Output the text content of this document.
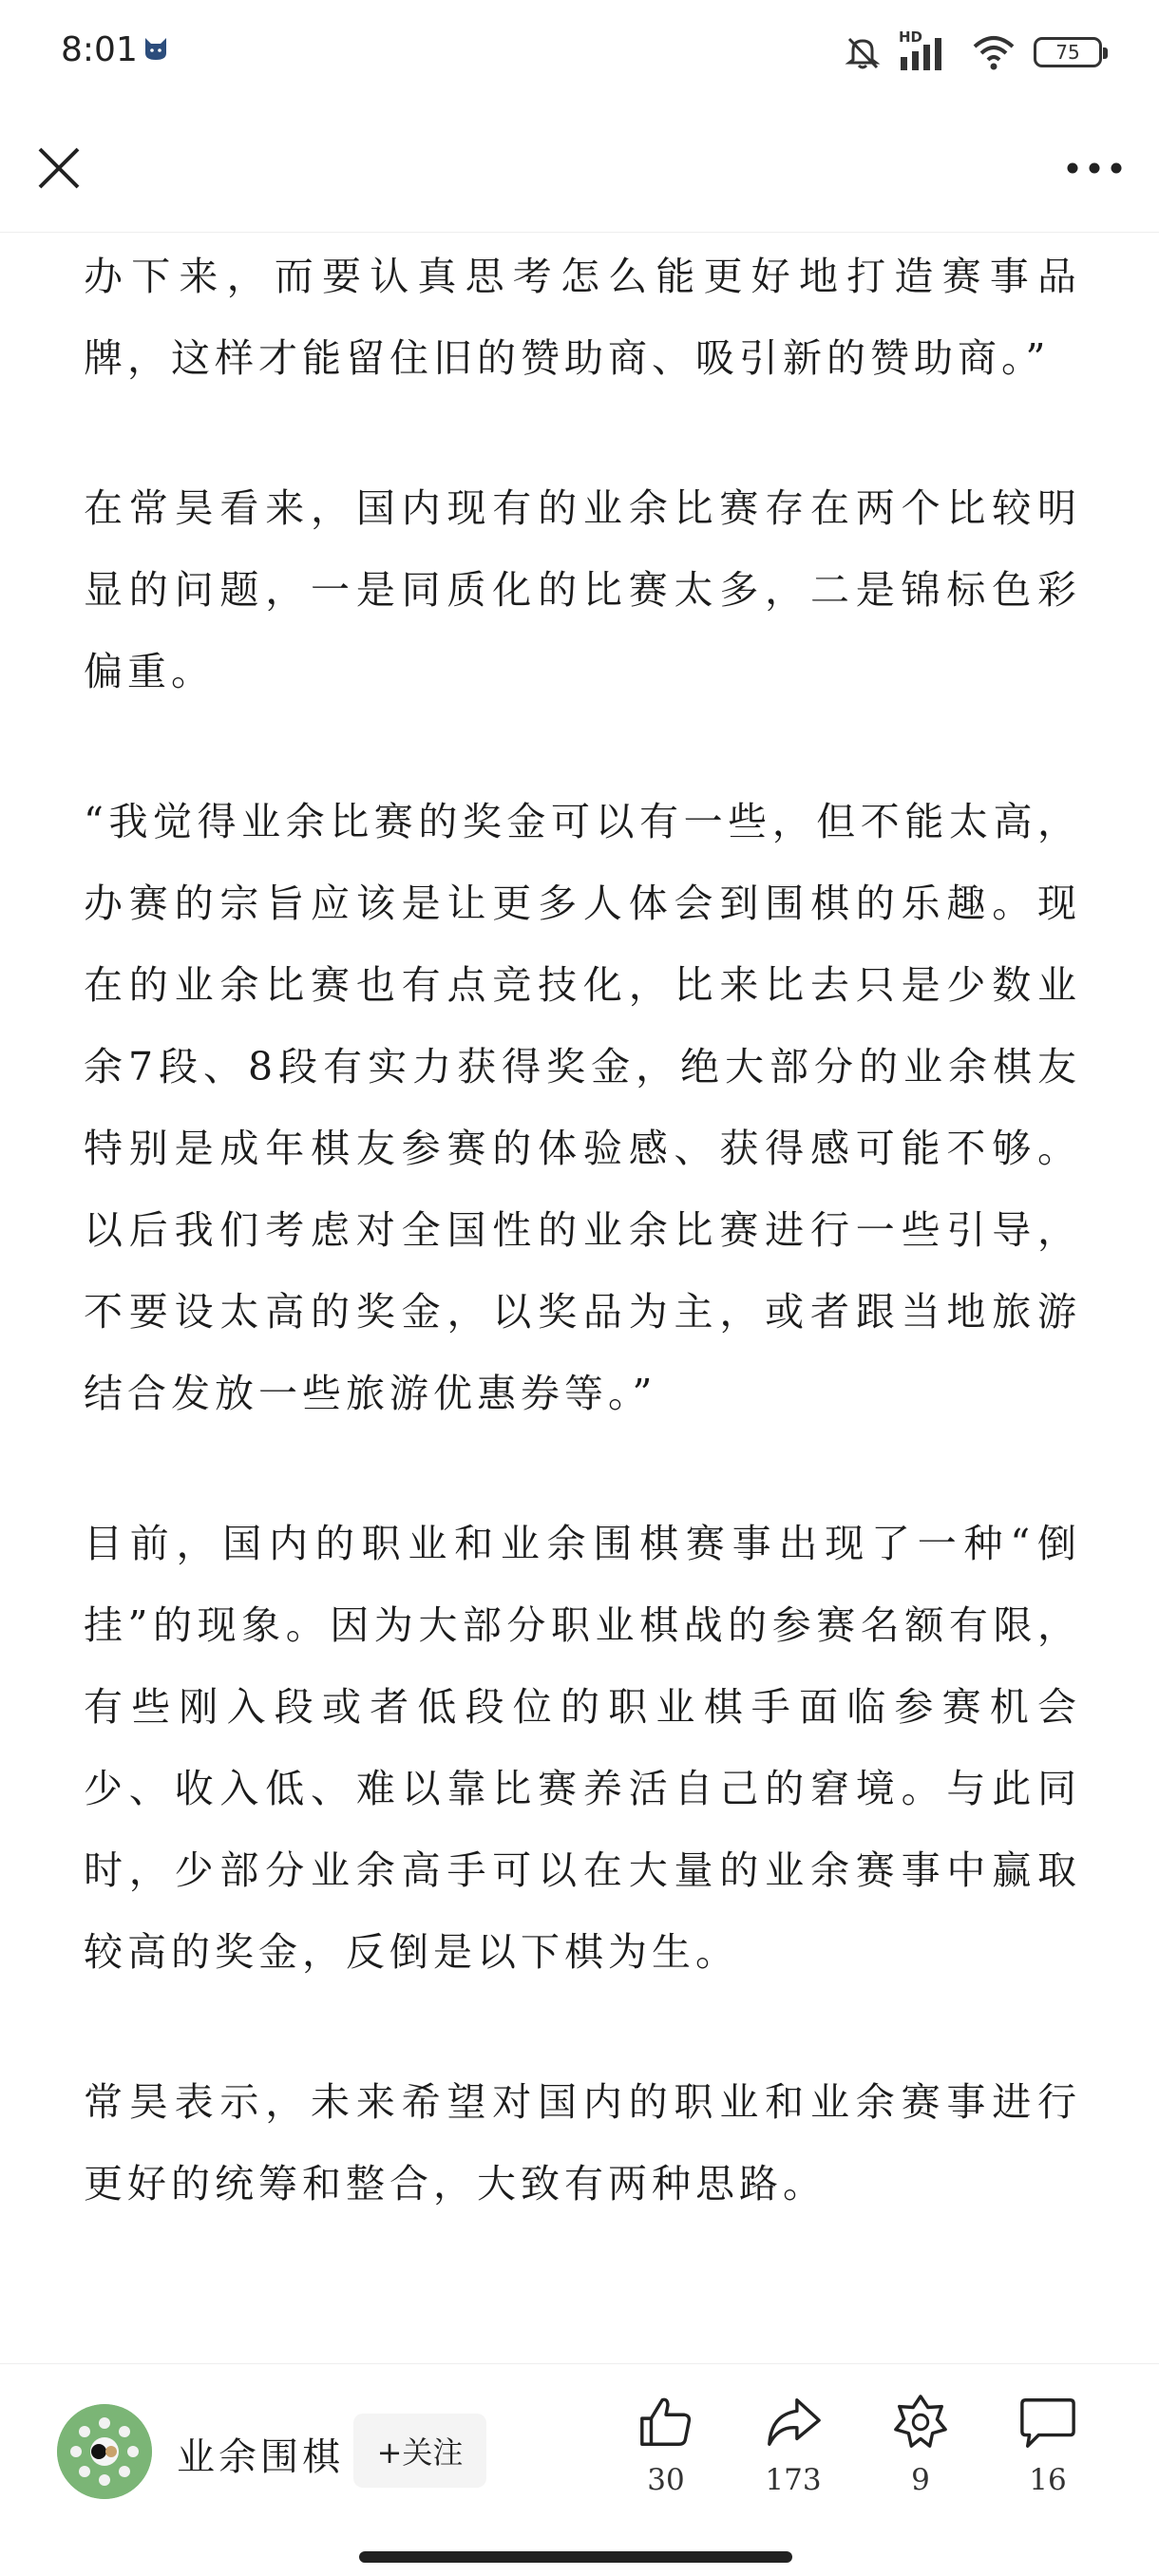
8:01	HD
75

办下来，而要认真思考怎么能更好地打造赛事品牌，这样才能留住旧的赞助商、吸引新的赞助商。”

在常昊看来，国内现有的业余比赛存在两个比较明显的问题，一是同质化的比赛太多，二是锦标色彩偏重。

“我觉得业余比赛的奖金可以有一些，但不能太高，办赛的宗旨应该是让更多人体会到围棋的乐趣。现在的业余比赛也有点竞技化，比来比去只是少数业余7段、8段有实力获得奖金，绝大部分的业余棋友特别是成年棋友参赛的体验感、获得感可能不够。以后我们考虑对全国性的业余比赛进行一些引导，不要设太高的奖金，以奖品为主，或者跟当地旅游结合发放一些旅游优惠券等。”

目前，国内的职业和业余围棋赛事出现了一种“倒挂”的现象。因为大部分职业棋战的参赛名额有限，有些刚入段或者低段位的职业棋手面临参赛机会少、收入低、难以靠比赛养活自己的窘境。与此同时，少部分业余高手可以在大量的业余赛事中赢取较高的奖金，反倒是以下棋为生。

常昊表示，未来希望对国内的职业和业余赛事进行更好的统筹和整合，大致有两种思路。

业余围棋	+关注
30	173	9	16
